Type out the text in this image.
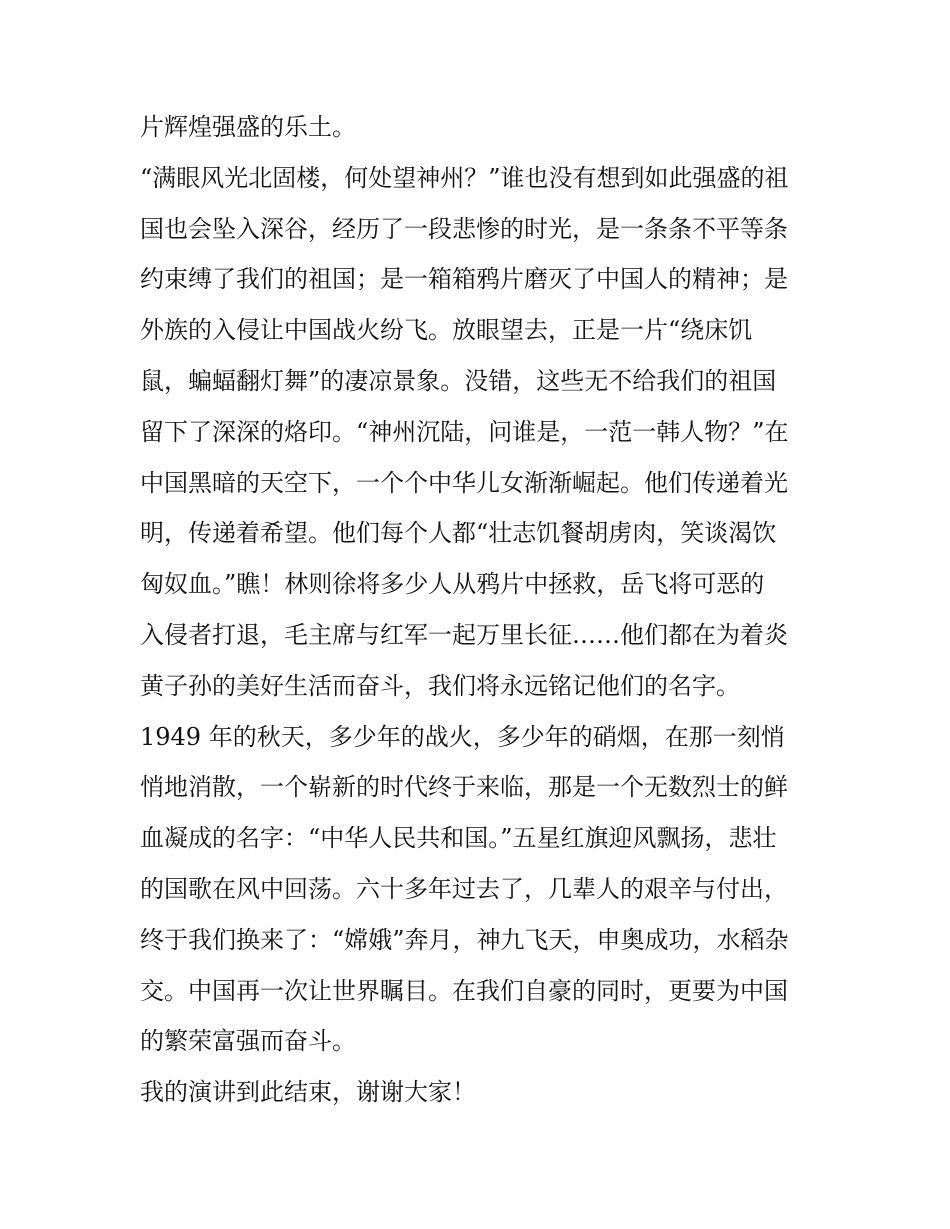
片辉煌强盛的乐土。
“满眼风光北固楼，何处望神州？”谁也没有想到如此强盛的祖
国也会坠入深谷，经历了一段悲惨的时光，是一条条不平等条
约束缚了我们的祖国；是一箱箱鸦片磨灭了中国人的精神；是
外族的入侵让中国战火纷飞。放眼望去，正是一片“绕床饥
鼠，蝙蝠翻灯舞”的凄凉景象。没错，这些无不给我们的祖国
留下了深深的烙印。“神州沉陆，问谁是，一范一韩人物？”在
中国黑暗的天空下，一个个中华儿女渐渐崛起。他们传递着光
明，传递着希望。他们每个人都“壮志饥餐胡虏肉，笑谈渴饮
匈奴血。”瞧！林则徐将多少人从鸦片中拯救，岳飞将可恶的
入侵者打退，毛主席与红军一起万里长征……他们都在为着炎
黄子孙的美好生活而奋斗，我们将永远铭记他们的名字。
1949 年的秋天，多少年的战火，多少年的硝烟，在那一刻悄
悄地消散，一个崭新的时代终于来临，那是一个无数烈士的鲜
血凝成的名字：“中华人民共和国。”五星红旗迎风飘扬，悲壮
的国歌在风中回荡。六十多年过去了，几辈人的艰辛与付出，
终于我们换来了：“嫦娥”奔月，神九飞天，申奥成功，水稻杂
交。中国再一次让世界瞩目。在我们自豪的同时，更要为中国
的繁荣富强而奋斗。
我的演讲到此结束，谢谢大家！
